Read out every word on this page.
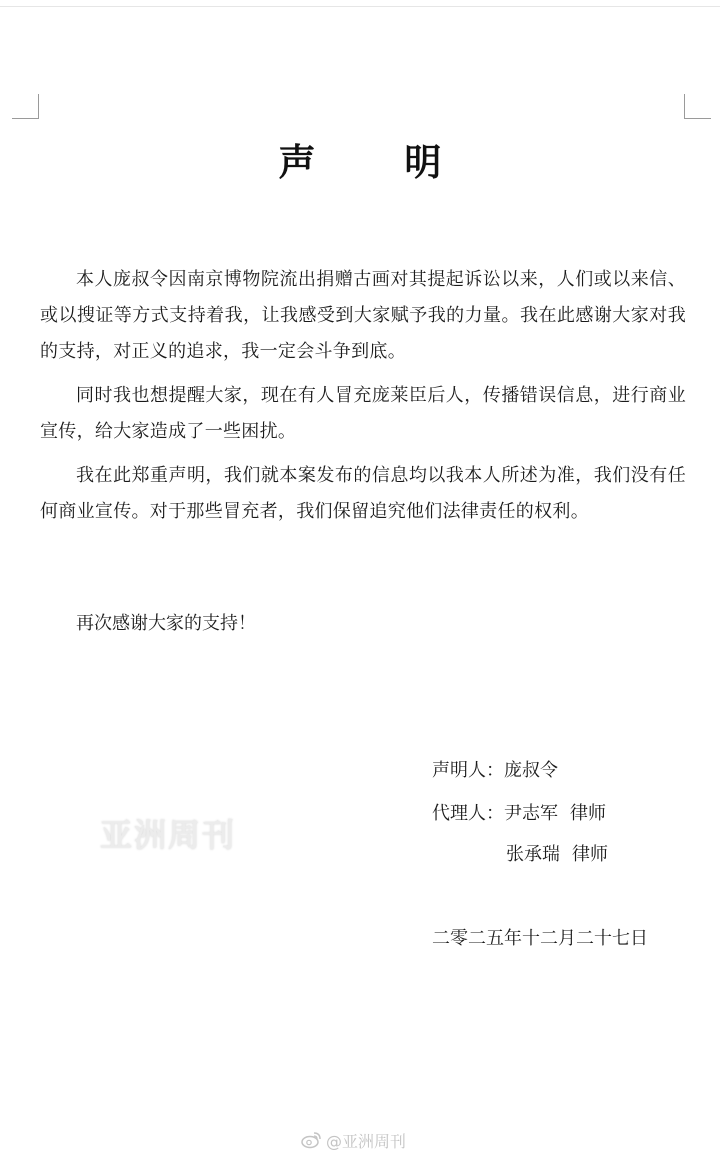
声 明

本人庞叔令因南京博物院流出捐赠古画对其提起诉讼以来，人们或以来信、或以搜证等方式支持着我，让我感受到大家赋予我的力量。我在此感谢大家对我的支持，对正义的追求，我一定会斗争到底。

同时我也想提醒大家，现在有人冒充庞莱臣后人，传播错误信息，进行商业宣传，给大家造成了一些困扰。

我在此郑重声明，我们就本案发布的信息均以我本人所述为准，我们没有任何商业宣传。对于那些冒充者，我们保留追究他们法律责任的权利。

再次感谢大家的支持！
亚洲周刊
声明人：庞叔令
代理人：尹志军 律师
张承瑞 律师
二零二五年十二月二十七日
@亚洲周刊
